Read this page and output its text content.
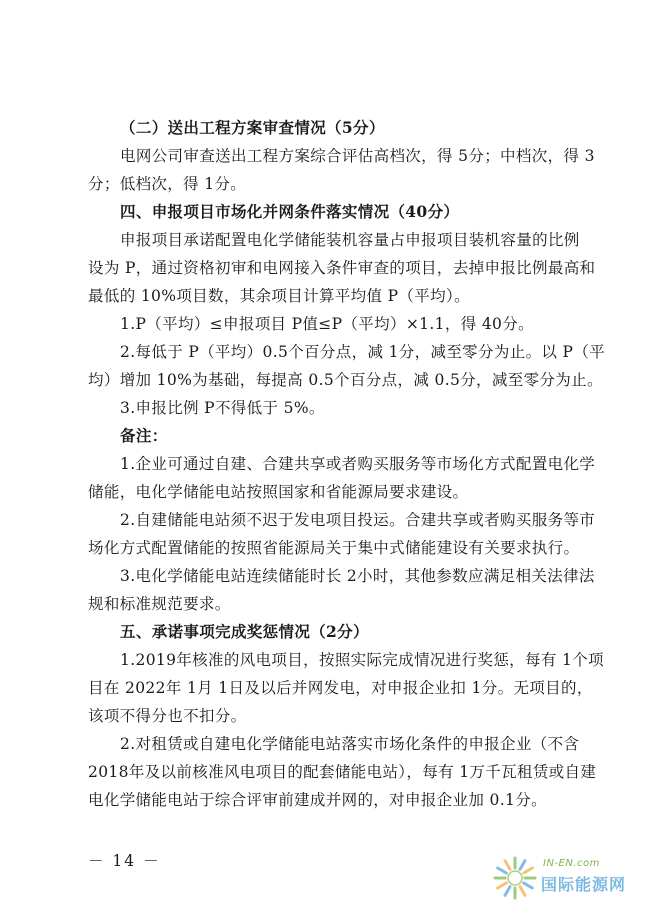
（二）送出工程方案审查情况（5分）
电网公司审查送出工程方案综合评估高档次，得 5分；中档次，得 3
分；低档次，得 1分。
四、申报项目市场化并网条件落实情况（40分）
申报项目承诺配置电化学储能装机容量占申报项目装机容量的比例
设为 P，通过资格初审和电网接入条件审查的项目，去掉申报比例最高和
最低的 10%项目数，其余项目计算平均值 P（平均）。
1.P（平均）≤申报项目 P值≤P（平均）×1.1，得 40分。
2.每低于 P（平均）0.5个百分点，减 1分，减至零分为止。以 P（平
均）增加 10%为基础，每提高 0.5个百分点，减 0.5分，减至零分为止。
3.申报比例 P不得低于 5%。
备注：
1.企业可通过自建、合建共享或者购买服务等市场化方式配置电化学
储能，电化学储能电站按照国家和省能源局要求建设。
2.自建储能电站须不迟于发电项目投运。合建共享或者购买服务等市
场化方式配置储能的按照省能源局关于集中式储能建设有关要求执行。
3.电化学储能电站连续储能时长 2小时，其他参数应满足相关法律法
规和标准规范要求。
五、承诺事项完成奖惩情况（2分）
1.2019年核准的风电项目，按照实际完成情况进行奖惩，每有 1个项
目在 2022年 1月 1日及以后并网发电，对申报企业扣 1分。无项目的，
该项不得分也不扣分。
2.对租赁或自建电化学储能电站落实市场化条件的申报企业（不含
2018年及以前核准风电项目的配套储能电站），每有 1万千瓦租赁或自建
电化学储能电站于综合评审前建成并网的，对申报企业加 0.1分。
－ 14 －	IN-EN.com
国际能源网
